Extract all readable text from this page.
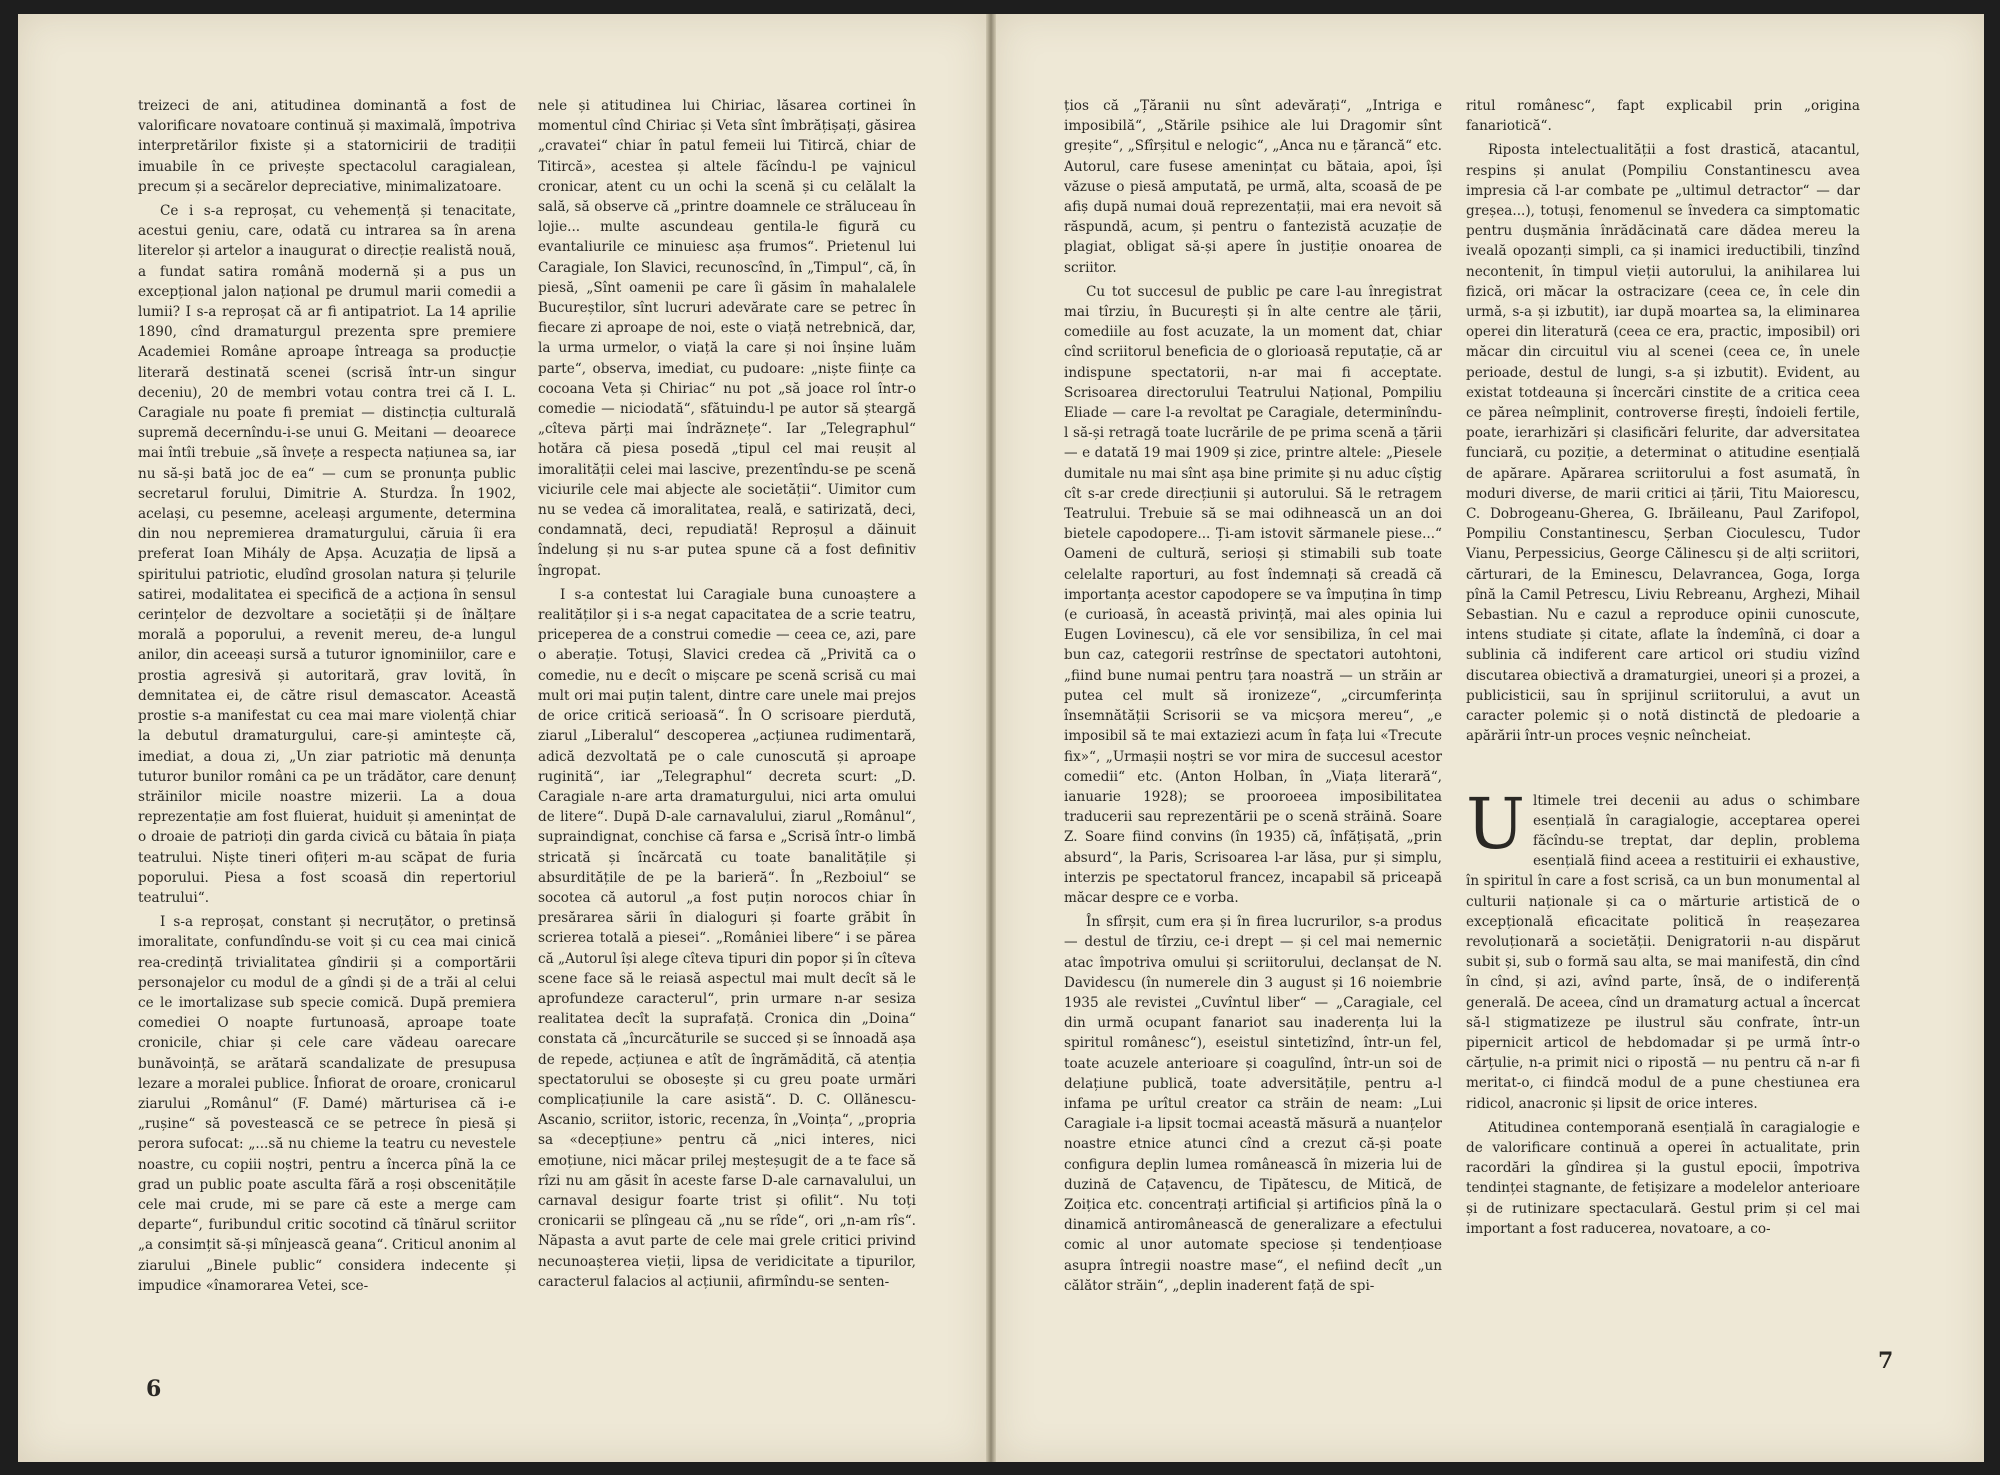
treizeci de ani, atitudinea dominantă a fost de valorificare novatoare continuă și maximală, împotriva interpretărilor fixiste și a statornicirii de tradiții imuabile în ce privește spectacolul caragialean, precum și a secărelor depreciative, minimalizatoare.

Ce i s-a reproșat, cu vehemență și tenacitate, acestui geniu, care, odată cu intrarea sa în arena literelor și artelor a inaugurat o direcție realistă nouă, a fundat satira română modernă și a pus un excepțional jalon național pe drumul marii comedii a lumii? I s-a reproșat că ar fi antipatriot. La 14 aprilie 1890, cînd dramaturgul prezenta spre premiere Academiei Române aproape întreaga sa producție literară destinată scenei (scrisă într-un singur deceniu), 20 de membri votau contra trei că I. L. Caragiale nu poate fi premiat — distincția culturală supremă decernîndu-i-se unui G. Meitani — deoarece mai întîi trebuie „să învețe a respecta națiunea sa, iar nu să-și bată joc de ea“ — cum se pronunța public secretarul forului, Dimitrie A. Sturdza. În 1902, același, cu pesemne, aceleași argumente, determina din nou nepremierea dramaturgului, căruia îi era preferat Ioan Mihály de Apșa. Acuzația de lipsă a spiritului patriotic, eludînd grosolan natura și țelurile satirei, modalitatea ei specifică de a acționa în sensul cerințelor de dezvoltare a societății și de înălțare morală a poporului, a revenit mereu, de-a lungul anilor, din aceeași sursă a tuturor ignominiilor, care e prostia agresivă și autoritară, grav lovită, în demnitatea ei, de către risul demascator. Această prostie s-a manifestat cu cea mai mare violență chiar la debutul dramaturgului, care-și amintește că, imediat, a doua zi, „Un ziar patriotic mă denunța tuturor bunilor români ca pe un trădător, care denunț străinilor micile noastre mizerii. La a doua reprezentație am fost fluierat, huiduit și amenințat de o droaie de patrioți din garda civică cu bătaia în piața teatrului. Niște tineri ofițeri m-au scăpat de furia poporului. Piesa a fost scoasă din repertoriul teatrului“.

I s-a reproșat, constant și necruțător, o pretinsă imoralitate, confundîndu-se voit și cu cea mai cinică rea-credință trivialitatea gîndirii și a comportării personajelor cu modul de a gîndi și de a trăi al celui ce le imortalizase sub specie comică. După premiera comediei O noapte furtunoasă, aproape toate cronicile, chiar și cele care vădeau oarecare bunăvoință, se arătară scandalizate de presupusa lezare a moralei publice. Înfiorat de oroare, cronicarul ziarului „Românul“ (F. Damé) mărturisea că i-e „rușine“ să povestească ce se petrece în piesă și perora sufocat: „...să nu chieme la teatru cu nevestele noastre, cu copiii noștri, pentru a încerca pînă la ce grad un public poate asculta fără a roși obscenitățile cele mai crude, mi se pare că este a merge cam departe“, furibundul critic socotind că tînărul scriitor „a consimțit să-și mînjească geana“. Criticul anonim al ziarului „Binele public“ considera indecente și impudice «înamorarea Vetei, sce-

nele și atitudinea lui Chiriac, lăsarea cortinei în momentul cînd Chiriac și Veta sînt îmbrățișați, găsirea „cravatei“ chiar în patul femeii lui Titircă, chiar de Titircă», acestea și altele făcîndu-l pe vajnicul cronicar, atent cu un ochi la scenă și cu celălalt la sală, să observe că „printre doamnele ce străluceau în lojie... multe ascundeau gentila-le figură cu evantaliurile ce minuiesc așa frumos“. Prietenul lui Caragiale, Ion Slavici, recunoscînd, în „Timpul“, că, în piesă, „Sînt oamenii pe care îi găsim în mahalalele Bucureștilor, sînt lucruri adevărate care se petrec în fiecare zi aproape de noi, este o viață netrebnică, dar, la urma urmelor, o viață la care și noi înșine luăm parte“, observa, imediat, cu pudoare: „niște ființe ca cocoana Veta și Chiriac“ nu pot „să joace rol într-o comedie — niciodată“, sfătuindu-l pe autor să șteargă „cîteva părți mai îndrăznețe“. Iar „Telegraphul“ hotăra că piesa posedă „tipul cel mai reușit al imoralității celei mai lascive, prezentîndu-se pe scenă viciurile cele mai abjecte ale societății“. Uimitor cum nu se vedea că imoralitatea, reală, e satirizată, deci, condamnată, deci, repudiată! Reproșul a dăinuit îndelung și nu s-ar putea spune că a fost definitiv îngropat.

I s-a contestat lui Caragiale buna cunoaștere a realităților și i s-a negat capacitatea de a scrie teatru, priceperea de a construi comedie — ceea ce, azi, pare o aberație. Totuși, Slavici credea că „Privită ca o comedie, nu e decît o mișcare pe scenă scrisă cu mai mult ori mai puțin talent, dintre care unele mai prejos de orice critică serioasă“. În O scrisoare pierdută, ziarul „Liberalul“ descoperea „acțiunea rudimentară, adică dezvoltată pe o cale cunoscută și aproape ruginită“, iar „Telegraphul“ decreta scurt: „D. Caragiale n-are arta dramaturgului, nici arta omului de litere“. După D-ale carnavalului, ziarul „Românul“, supraindignat, conchise că farsa e „Scrisă într-o limbă stricată și încărcată cu toate banalitățile și absurditățile de pe la barieră“. În „Rezboiul“ se socotea că autorul „a fost puțin norocos chiar în presărarea sării în dialoguri și foarte grăbit în scrierea totală a piesei“. „României libere“ i se părea că „Autorul își alege cîteva tipuri din popor și în cîteva scene face să le reiasă aspectul mai mult decît să le aprofundeze caracterul“, prin urmare n-ar sesiza realitatea decît la suprafață. Cronica din „Doina“ constata că „încurcăturile se succed și se înnoadă așa de repede, acțiunea e atît de îngrămădită, că atenția spectatorului se obosește și cu greu poate urmări complicațiunile la care asistă“. D. C. Ollănescu-Ascanio, scriitor, istoric, recenza, în „Voința“, „propria sa «decepțiune» pentru că „nici interes, nici emoțiune, nici măcar prilej meșteșugit de a te face să rîzi nu am găsit în aceste farse D-ale carnavalului, un carnaval desigur foarte trist și ofilit“. Nu toți cronicarii se plîngeau că „nu se rîde“, ori „n-am rîs“. Năpasta a avut parte de cele mai grele critici privind necunoașterea vieții, lipsa de veridicitate a tipurilor, caracterul falacios al acțiunii, afirmîndu-se senten-

6

țios că „Țăranii nu sînt adevărați“, „Intriga e imposibilă“, „Stările psihice ale lui Dragomir sînt greșite“, „Sfîrșitul e nelogic“, „Anca nu e țărancă“ etc. Autorul, care fusese amenințat cu bătaia, apoi, își văzuse o piesă amputată, pe urmă, alta, scoasă de pe afiș după numai două reprezentații, mai era nevoit să răspundă, acum, și pentru o fantezistă acuzație de plagiat, obligat să-și apere în justiție onoarea de scriitor.

Cu tot succesul de public pe care l-au înregistrat mai tîrziu, în București și în alte centre ale țării, comediile au fost acuzate, la un moment dat, chiar cînd scriitorul beneficia de o glorioasă reputație, că ar indispune spectatorii, n-ar mai fi acceptate. Scrisoarea directorului Teatrului Național, Pompiliu Eliade — care l-a revoltat pe Caragiale, determinîndu-l să-și retragă toate lucrările de pe prima scenă a țării — e datată 19 mai 1909 și zice, printre altele: „Piesele dumitale nu mai sînt așa bine primite și nu aduc cîștig cît s-ar crede direcțiunii și autorului. Să le retragem Teatrului. Trebuie să se mai odihnească un an doi bietele capodopere... Ți-am istovit sărmanele piese...“ Oameni de cultură, serioși și stimabili sub toate celelalte raporturi, au fost îndemnați să creadă că importanța acestor capodopere se va împuțina în timp (e curioasă, în această privință, mai ales opinia lui Eugen Lovinescu), că ele vor sensibiliza, în cel mai bun caz, categorii restrînse de spectatori autohtoni, „fiind bune numai pentru țara noastră — un străin ar putea cel mult să ironizeze“, „circumferința însemnătății Scrisorii se va micșora mereu“, „e imposibil să te mai extaziezi acum în fața lui «Trecute fix»“, „Urmașii noștri se vor mira de succesul acestor comedii“ etc. (Anton Holban, în „Viața literară“, ianuarie 1928); se prooroeea imposibilitatea traducerii sau reprezentării pe o scenă străină. Soare Z. Soare fiind convins (în 1935) că, înfățișată, „prin absurd“, la Paris, Scrisoarea l-ar lăsa, pur și simplu, interzis pe spectatorul francez, incapabil să priceapă măcar despre ce e vorba.

În sfîrșit, cum era și în firea lucrurilor, s-a produs — destul de tîrziu, ce-i drept — și cel mai nemernic atac împotriva omului și scriitorului, declanșat de N. Davidescu (în numerele din 3 august și 16 noiembrie 1935 ale revistei „Cuvîntul liber“ — „Caragiale, cel din urmă ocupant fanariot sau inaderența lui la spiritul românesc“), eseistul sintetizînd, într-un fel, toate acuzele anterioare și coagulînd, într-un soi de delațiune publică, toate adversitățile, pentru a-l infama pe urîtul creator ca străin de neam: „Lui Caragiale i-a lipsit tocmai această măsură a nuanțelor noastre etnice atunci cînd a crezut că-și poate configura deplin lumea românească în mizeria lui de duzină de Cațavencu, de Tipătescu, de Mitică, de Zoițica etc. concentrați artificial și artificios pînă la o dinamică antiromânească de generalizare a efectului comic al unor automate speciose și tendențioase asupra întregii noastre mase“, el nefiind decît „un călător străin“, „deplin inaderent față de spi-

ritul românesc“, fapt explicabil prin „origina fanariotică“.

Riposta intelectualității a fost drastică, atacantul, respins și anulat (Pompiliu Constantinescu avea impresia că l-ar combate pe „ultimul detractor“ — dar greșea...), totuși, fenomenul se învedera ca simptomatic pentru dușmănia înrădăcinată care dădea mereu la iveală opozanți simpli, ca și inamici ireductibili, tinzînd necontenit, în timpul vieții autorului, la anihilarea lui fizică, ori măcar la ostracizare (ceea ce, în cele din urmă, s-a și izbutit), iar după moartea sa, la eliminarea operei din literatură (ceea ce era, practic, imposibil) ori măcar din circuitul viu al scenei (ceea ce, în unele perioade, destul de lungi, s-a și izbutit). Evident, au existat totdeauna și încercări cinstite de a critica ceea ce părea neîmplinit, controverse firești, îndoieli fertile, poate, ierarhizări și clasificări felurite, dar adversitatea funciară, cu poziție, a determinat o atitudine esențială de apărare. Apărarea scriitorului a fost asumată, în moduri diverse, de marii critici ai țării, Titu Maiorescu, C. Dobrogeanu-Gherea, G. Ibrăileanu, Paul Zarifopol, Pompiliu Constantinescu, Șerban Cioculescu, Tudor Vianu, Perpessicius, George Călinescu și de alți scriitori, cărturari, de la Eminescu, Delavrancea, Goga, Iorga pînă la Camil Petrescu, Liviu Rebreanu, Arghezi, Mihail Sebastian. Nu e cazul a reproduce opinii cunoscute, intens studiate și citate, aflate la îndemînă, ci doar a sublinia că indiferent care articol ori studiu vizînd discutarea obiectivă a dramaturgiei, uneori și a prozei, a publicisticii, sau în sprijinul scriitorului, a avut un caracter polemic și o notă distinctă de pledoarie a apărării într-un proces veșnic neîncheiat.

Ultimele trei decenii au adus o schimbare esențială în caragialogie, acceptarea operei făcîndu-se treptat, dar deplin, problema esențială fiind aceea a restituirii ei exhaustive, în spiritul în care a fost scrisă, ca un bun monumental al culturii naționale și ca o mărturie artistică de o excepțională eficacitate politică în reașezarea revoluționară a societății. Denigratorii n-au dispărut subit și, sub o formă sau alta, se mai manifestă, din cînd în cînd, și azi, avînd parte, însă, de o indiferență generală. De aceea, cînd un dramaturg actual a încercat să-l stigmatizeze pe ilustrul său confrate, într-un pipernicit articol de hebdomadar și pe urmă într-o cărțulie, n-a primit nici o ripostă — nu pentru că n-ar fi meritat-o, ci fiindcă modul de a pune chestiunea era ridicol, anacronic și lipsit de orice interes.

Atitudinea contemporană esențială în caragialogie e de valorificare continuă a operei în actualitate, prin racordări la gîndirea și la gustul epocii, împotriva tendinței stagnante, de fetișizare a modelelor anterioare și de rutinizare spectaculară. Gestul prim și cel mai important a fost raducerea, novatoare, a co-

7
